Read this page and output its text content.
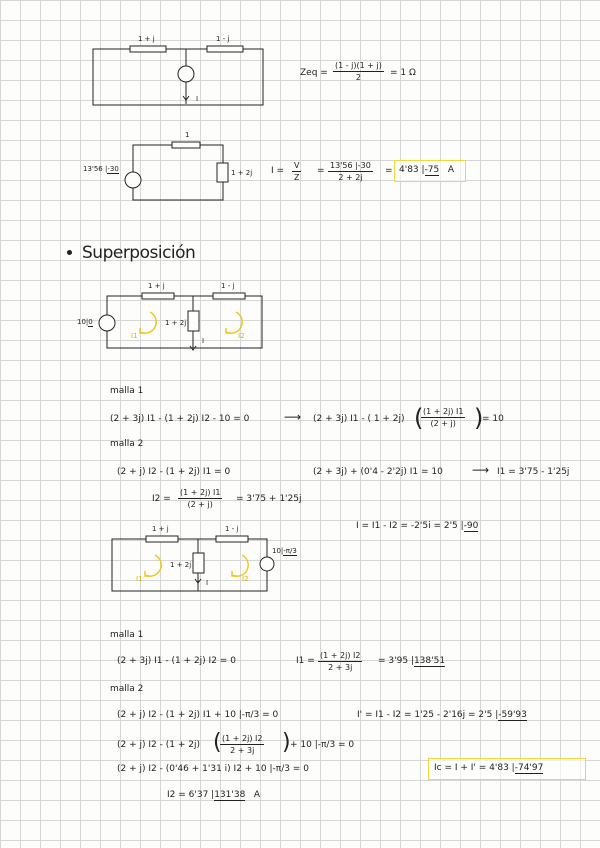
1 + j	1 - j
I
Zeq = $\frac{(1 - j)(1 + j)}{2} = 1$ Ω
1
1 + 2j
13'56 |-30	$I = \frac{V}{Z} = \frac{13'56 |-30}{2 + 2j} = 4'83$ |-75 A
Superposición
1 + j	1 - j
1 + 2j
10|0
I1	I2
I
malla 1
(2 + 3j) I1 - (1 + 2j) I2 - 10 = 0	⟶ (2 + 3j) I1 - ( 1 + 2j) (
$\frac{(1 + 2j) I1}{(2 + j)}$ )
= 10
malla 2
(2 + j) I2 - (1 + 2j) I1 = 0	(2 + 3j) + (0'4 - 2'2j) I1 = 10 ⟶ I1 = 3'75 - 1'25j
$I2 = \frac{(1 + 2j) I1}{(2 + j)} = 3'75 + 1'25j$
I = I1 - I2 = -2'5i = 2'5 |-90
1 + j	1 - j
1 + 2j
10|-π/3
I1	I2
I
malla 1
(2 + 3j) I1 - (1 + 2j) I2 = 0	$I1 = \frac{(1 + 2j) I2}{2 + 3j} = 3'95$ |138'51
malla 2
(2 + j) I2 - (1 + 2j) I1 + 10 |-π/3 = 0	I' = I1 - I2 = 1'25 - 2'16j = 2'5 |-59'93
(2 + j) I2 - (1 + 2j) (
$\frac{(1 + 2j) I2}{2 + 3j}$ ) + 10 |-π/3 = 0
(2 + j) I2 - (0'46 + 1'31 i) I2 + 10 |-π/3 = 0	Ic = I + I' = 4'83 |-74'97
I2 = 6'37 |131'38 A
